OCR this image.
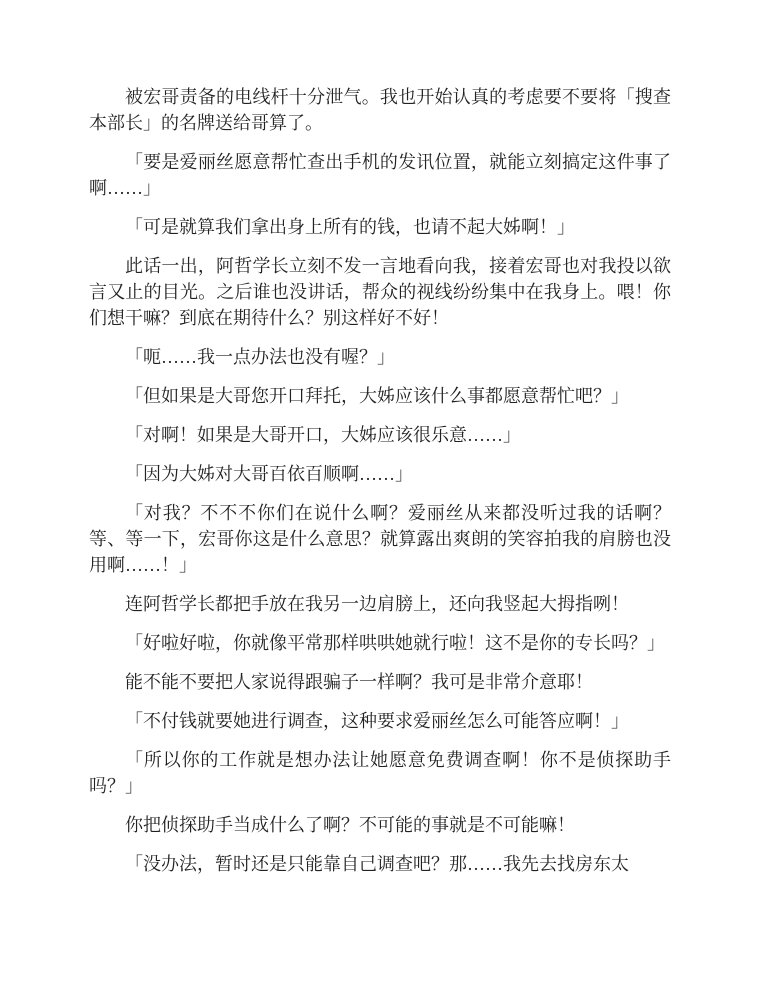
被宏哥责备的电线杆十分泄气。我也开始认真的考虑要不要将「搜查本部长」的名牌送给哥算了。

「要是爱丽丝愿意帮忙查出手机的发讯位置，就能立刻搞定这件事了啊……」

「可是就算我们拿出身上所有的钱，也请不起大姊啊！」

此话一出，阿哲学长立刻不发一言地看向我，接着宏哥也对我投以欲言又止的目光。之后谁也没讲话，帮众的视线纷纷集中在我身上。喂！你们想干嘛？到底在期待什么？别这样好不好！

「呃……我一点办法也没有喔？」

「但如果是大哥您开口拜托，大姊应该什么事都愿意帮忙吧？」

「对啊！如果是大哥开口，大姊应该很乐意……」

「因为大姊对大哥百依百顺啊……」

「对我？不不不你们在说什么啊？爱丽丝从来都没听过我的话啊？等、等一下，宏哥你这是什么意思？就算露出爽朗的笑容拍我的肩膀也没用啊……！」

连阿哲学长都把手放在我另一边肩膀上，还向我竖起大拇指咧！

「好啦好啦，你就像平常那样哄哄她就行啦！这不是你的专长吗？」

能不能不要把人家说得跟骗子一样啊？我可是非常介意耶！

「不付钱就要她进行调查，这种要求爱丽丝怎么可能答应啊！」

「所以你的工作就是想办法让她愿意免费调查啊！你不是侦探助手吗？」

你把侦探助手当成什么了啊？不可能的事就是不可能嘛！

「没办法，暂时还是只能靠自己调查吧？那……我先去找房东太
